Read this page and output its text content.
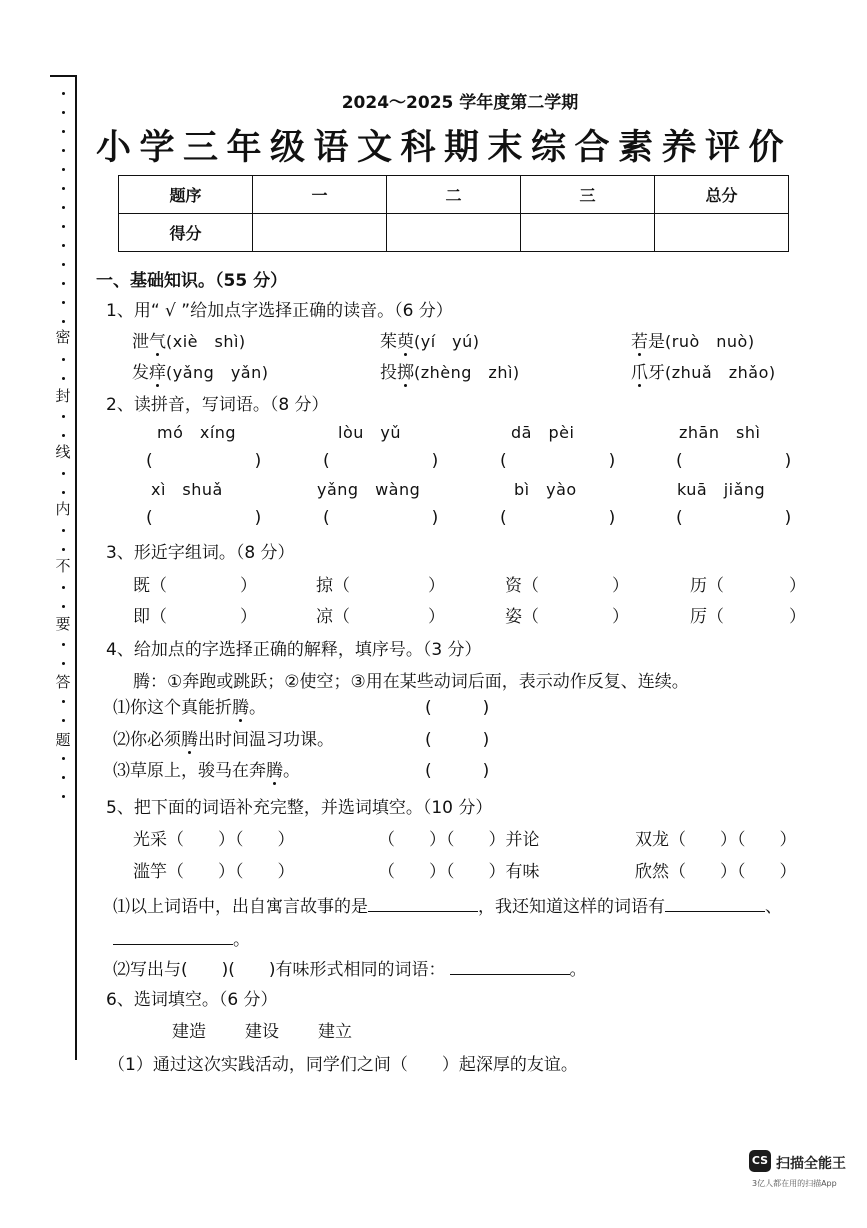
密
封
线
内
不
要
答
题
2024～2025 学年度第二学期
小学三年级语文科期末综合素养评价
题序	一	二	三	总分
得分				
一、基础知识。（55 分）
1、用“ √ ”给加点字选择正确的读音。（6 分）
泄气(xiè　shì)	茱萸(yí　yú)	若是(ruò　nuò)
发痒(yǎng　yǎn)	投掷(zhèng　zhì)	爪牙(zhuǎ　zhǎo)
2、读拼音，写词语。（8 分）
mó　xíng	lòu　yǔ	dā　pèi	zhān　shì
(　　　　　　)	(　　　　　　)	(　　　　　　)	(　　　　　　)
xì　shuǎ	yǎng　wàng	bì　yào	kuā　jiǎng
(　　　　　　)	(　　　　　　)	(　　　　　　)	(　　　　　　)
3、形近字组词。（8 分）
既（	）	掠（	）	资（	）	历（	）
即（	）	凉（	）	姿（	）	厉（	）
4、给加点的字选择正确的解释，填序号。（3 分）
腾：①奔跑或跳跃；②使空；③用在某些动词后面，表示动作反复、连续。
⑴你这个真能折腾。	(　　　)
⑵你必须腾出时间温习功课。	(　　　)
⑶草原上，骏马在奔腾。	(　　　)
5、把下面的词语补充完整，并选词填空。（10 分）
光采（　　）（　　）	（　　）（　　）并论	双龙（　　）（　　）
滥竽（　　）（　　）	（　　）（　　）有味	欣然（　　）（　　）
⑴以上词语中，出自寓言故事的是	，我还知道这样的词语有	、
。
⑵写出与(　　)(　　)有味形式相同的词语：	。
6、选词填空。（6 分）
建造 建设 建立
（1）通过这次实践活动，同学们之间（　　）起深厚的友谊。
CS 扫描全能王
3亿人都在用的扫描App
